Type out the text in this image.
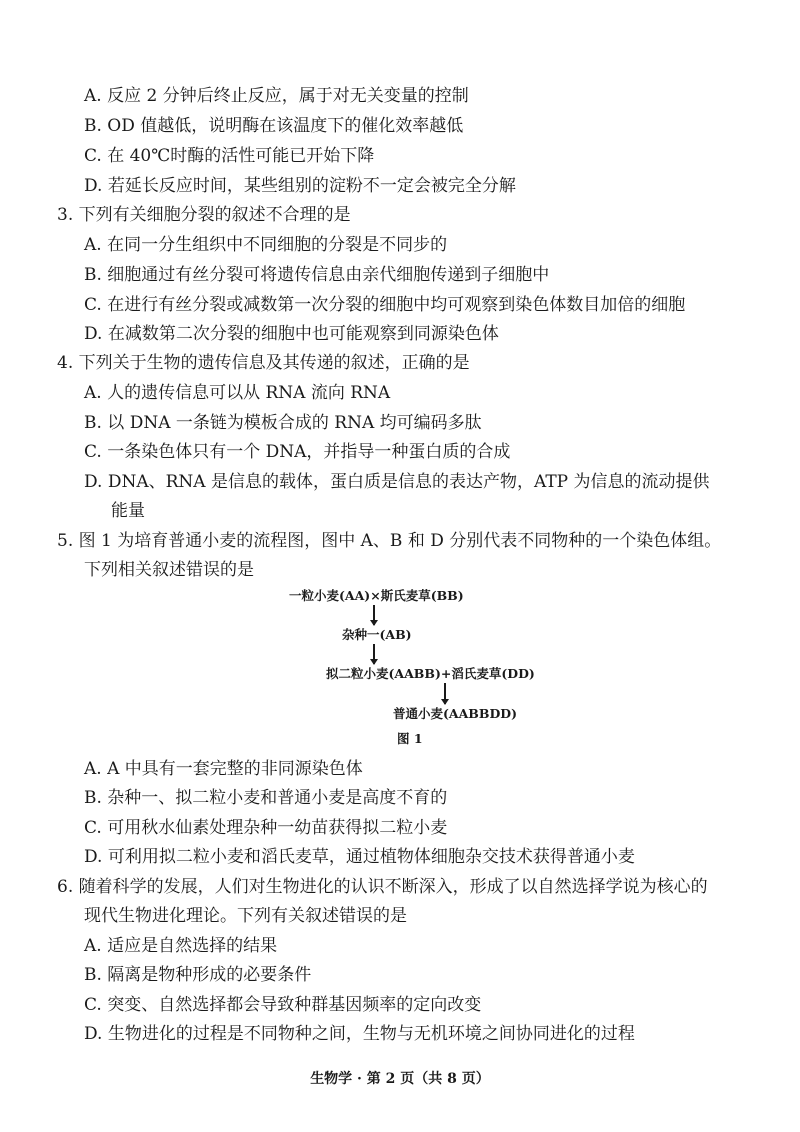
A. 反应 2 分钟后终止反应，属于对无关变量的控制
B. OD 值越低，说明酶在该温度下的催化效率越低
C. 在 40℃时酶的活性可能已开始下降
D. 若延长反应时间，某些组别的淀粉不一定会被完全分解
3. 下列有关细胞分裂的叙述不合理的是
A. 在同一分生组织中不同细胞的分裂是不同步的
B. 细胞通过有丝分裂可将遗传信息由亲代细胞传递到子细胞中
C. 在进行有丝分裂或减数第一次分裂的细胞中均可观察到染色体数目加倍的细胞
D. 在减数第二次分裂的细胞中也可能观察到同源染色体
4. 下列关于生物的遗传信息及其传递的叙述，正确的是
A. 人的遗传信息可以从 RNA 流向 RNA
B. 以 DNA 一条链为模板合成的 RNA 均可编码多肽
C. 一条染色体只有一个 DNA，并指导一种蛋白质的合成
D. DNA、RNA 是信息的载体，蛋白质是信息的表达产物，ATP 为信息的流动提供
能量
5. 图 1 为培育普通小麦的流程图，图中 A、B 和 D 分别代表不同物种的一个染色体组。
下列相关叙述错误的是
一粒小麦(AA)×斯氏麦草(BB)
杂种一(AB)
拟二粒小麦(AABB)+滔氏麦草(DD)
普通小麦(AABBDD)
图 1
A. A 中具有一套完整的非同源染色体
B. 杂种一、拟二粒小麦和普通小麦是高度不育的
C. 可用秋水仙素处理杂种一幼苗获得拟二粒小麦
D. 可利用拟二粒小麦和滔氏麦草，通过植物体细胞杂交技术获得普通小麦
6. 随着科学的发展，人们对生物进化的认识不断深入，形成了以自然选择学说为核心的
现代生物进化理论。下列有关叙述错误的是
A. 适应是自然选择的结果
B. 隔离是物种形成的必要条件
C. 突变、自然选择都会导致种群基因频率的定向改变
D. 生物进化的过程是不同物种之间，生物与无机环境之间协同进化的过程
生物学 · 第 2 页（共 8 页）
